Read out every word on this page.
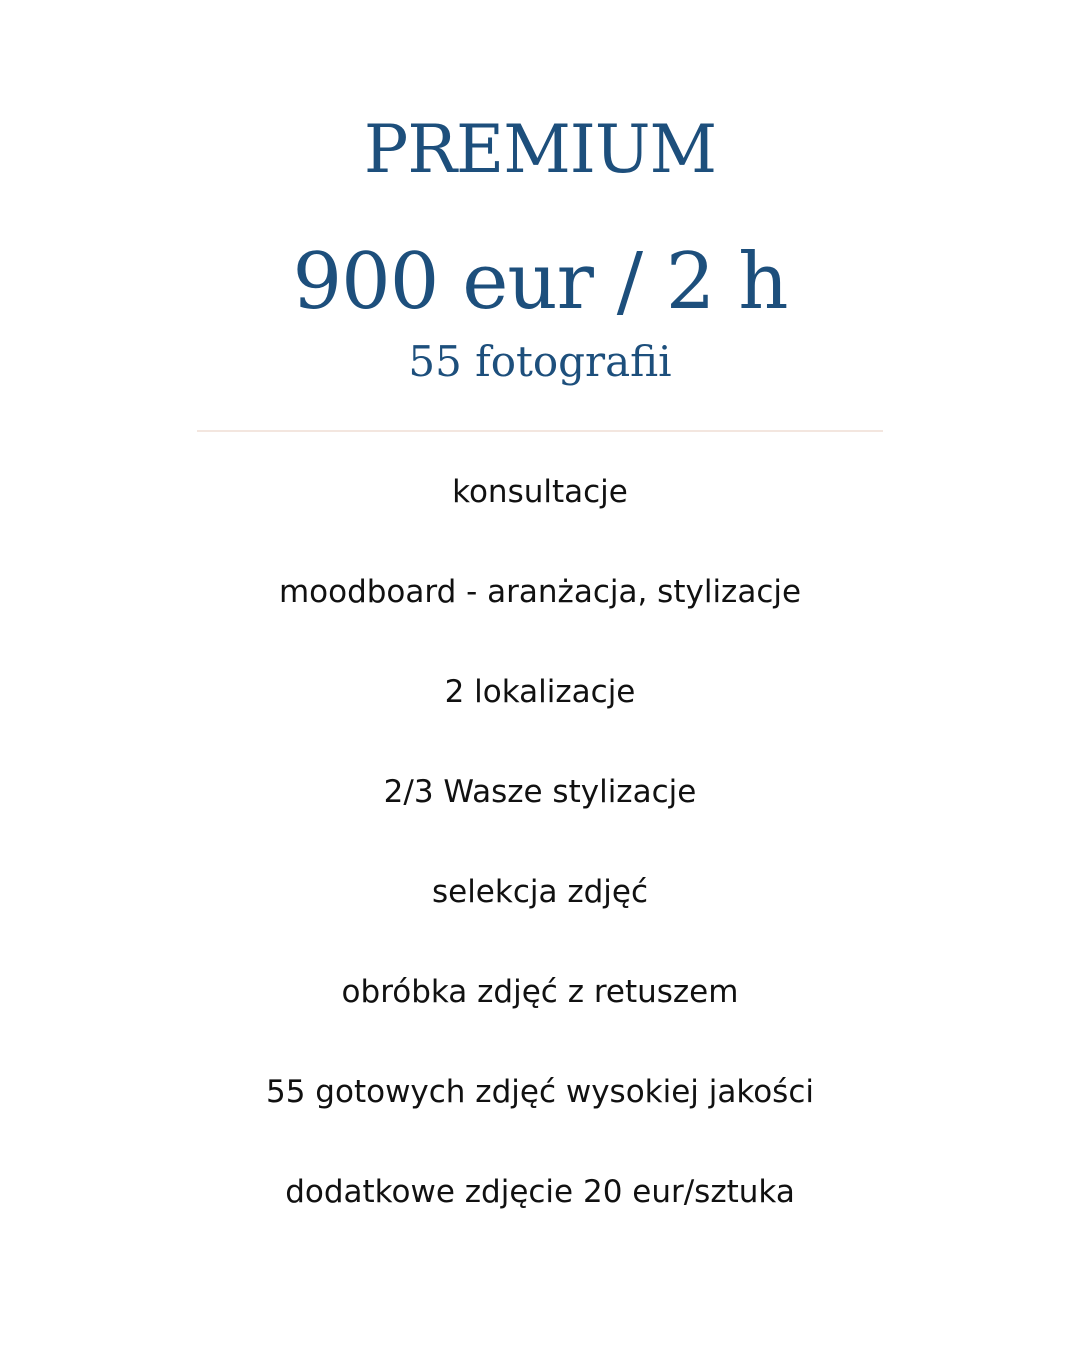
PREMIUM
900 eur / 2 h
55 fotografii
konsultacje
moodboard - aranżacja, stylizacje
2 lokalizacje
2/3 Wasze stylizacje
selekcja zdjęć
obróbka zdjęć z retuszem
55 gotowych zdjęć wysokiej jakości
dodatkowe zdjęcie 20 eur/sztuka
